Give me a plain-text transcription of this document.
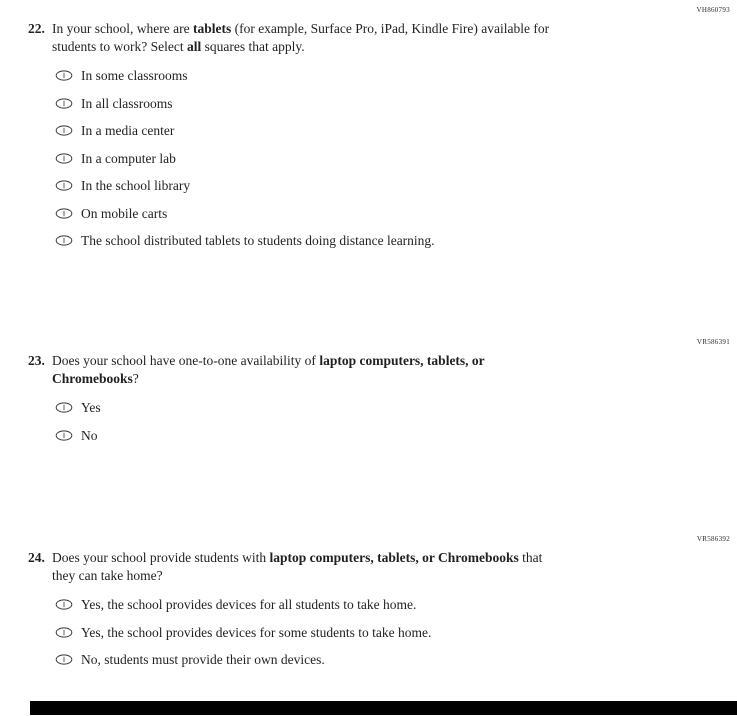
VH860793
22. In your school, where are tablets (for example, Surface Pro, iPad, Kindle Fire) available for students to work? Select all squares that apply.
In some classrooms
In all classrooms
In a media center
In a computer lab
In the school library
On mobile carts
The school distributed tablets to students doing distance learning.
VR586391
23. Does your school have one-to-one availability of laptop computers, tablets, or Chromebooks?
Yes
No
VR586392
24. Does your school provide students with laptop computers, tablets, or Chromebooks that they can take home?
Yes, the school provides devices for all students to take home.
Yes, the school provides devices for some students to take home.
No, students must provide their own devices.
